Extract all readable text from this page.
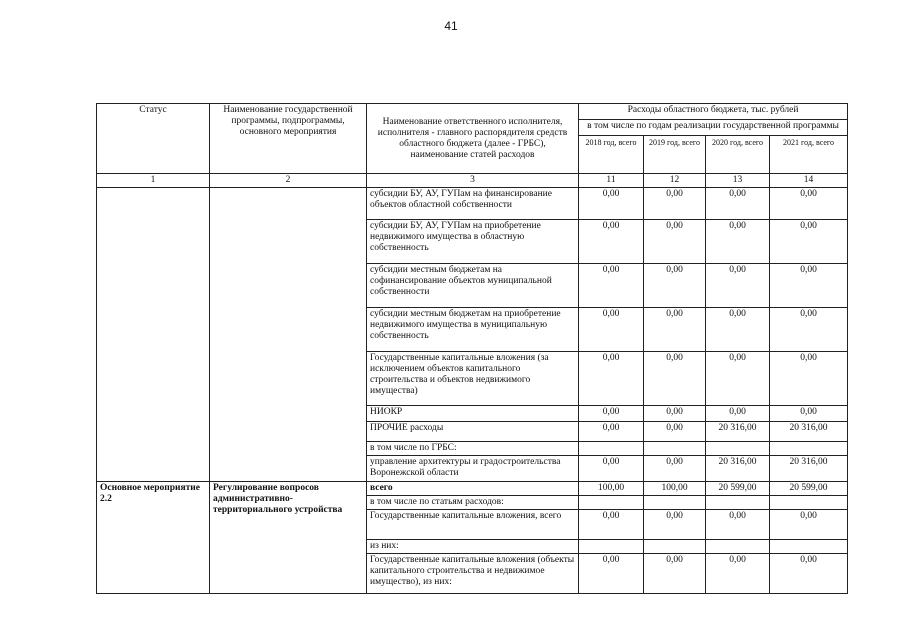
41
Статус	Наименование государственной программы, подпрограммы, основного мероприятия	Наименование ответственного исполнителя, исполнителя - главного распорядителя средств областного бюджета (далее - ГРБС), наименование статей расходов	Расходы областного бюджета, тыс. рублей			
			в том числе по годам реализации государственной программы			
			2018 год, всего	2019 год, всего	2020 год, всего	2021 год, всего
1	2	3	11	12	13	14
		субсидии БУ, АУ, ГУПам на финансирование объектов областной собственности	0,00	0,00	0,00	0,00
		субсидии БУ, АУ, ГУПам на приобретение недвижимого имущества в областную собственность	0,00	0,00	0,00	0,00
		субсидии местным бюджетам на софинансирование объектов муниципальной собственности	0,00	0,00	0,00	0,00
		субсидии местным бюджетам на приобретение недвижимого имущества в муниципальную собственность	0,00	0,00	0,00	0,00
		Государственные капитальные вложения (за исключением объектов капитального строительства и объектов недвижимого имущества)	0,00	0,00	0,00	0,00
		НИОКР	0,00	0,00	0,00	0,00
		ПРОЧИЕ расходы	0,00	0,00	20 316,00	20 316,00
		в том числе по ГРБС:				
		управление архитектуры и градостроительства Воронежской области	0,00	0,00	20 316,00	20 316,00
Основное мероприятие 2.2	Регулирование вопросов административно-территориального устройства	всего	100,00	100,00	20 599,00	20 599,00
		в том числе по статьям расходов:				
		Государственные капитальные вложения, всего	0,00	0,00	0,00	0,00
		из них:				
		Государственные капитальные вложения (объекты капитального строительства и недвижимое имущество), из них:	0,00	0,00	0,00	0,00
